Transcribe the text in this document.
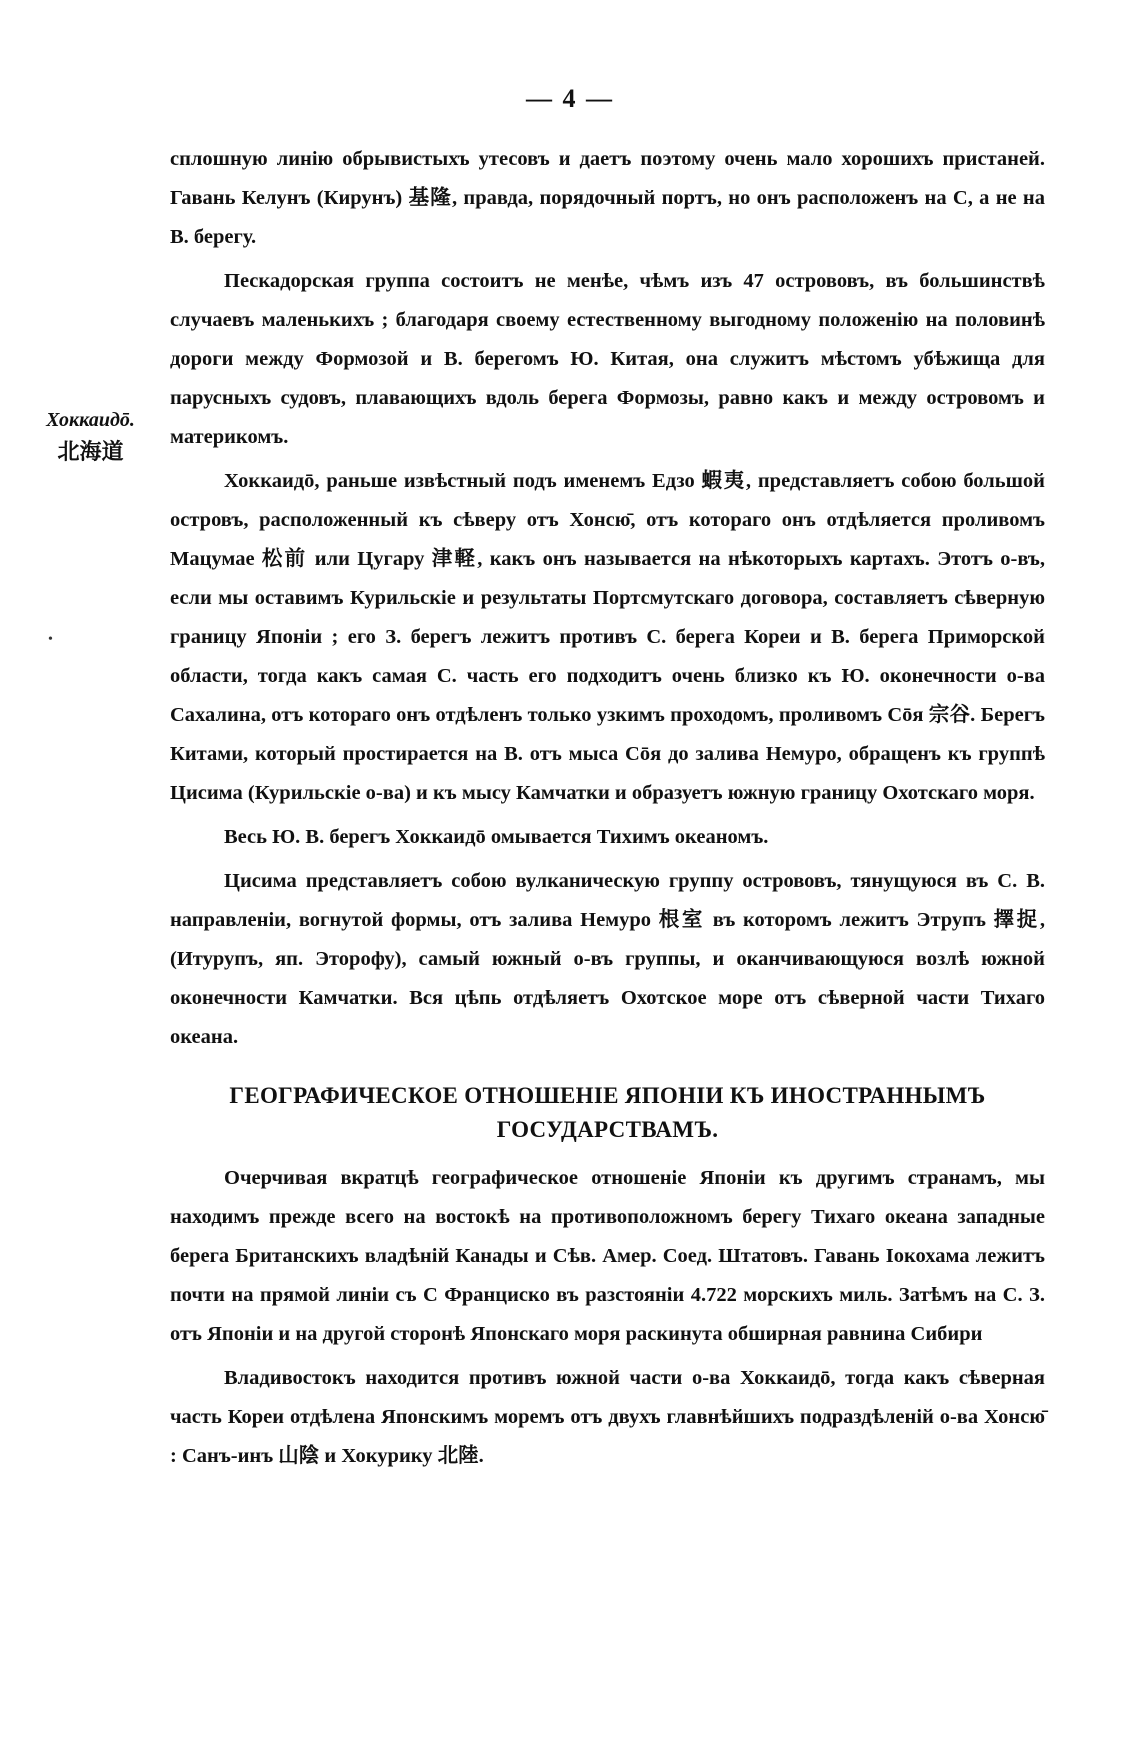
— 4 —
Хоккаидō.
北海道
•

сплошную линію обрывистыхъ утесовъ и даетъ поэтому очень мало хорошихъ пристаней. Гавань Келунъ (Кирунъ) 基隆, правда, порядочный портъ, но онъ расположенъ на С, а не на В. берегу.

Пескадорская группа состоитъ не менѣе, чѣмъ изъ 47 острововъ, въ большинствѣ случаевъ маленькихъ ; благодаря своему естественному выгодному положенію на половинѣ дороги между Формозой и В. берегомъ Ю. Китая, она служитъ мѣстомъ убѣжища для парусныхъ судовъ, плавающихъ вдоль берега Формозы, равно какъ и между островомъ и материкомъ.

Хоккаидō, раньше извѣстный подъ именемъ Едзо 蝦夷, представляетъ собою большой островъ, расположенный къ сѣверу отъ Хонсю̄, отъ котораго онъ отдѣляется проливомъ Мацумае 松前 или Цугару 津軽, какъ онъ называется на нѣкоторыхъ картахъ. Этотъ о-въ, если мы оставимъ Курильскіе и результаты Портсмутскаго договора, составляетъ сѣверную границу Японіи ; его З. берегъ лежитъ противъ С. берега Кореи и В. берега Приморской области, тогда какъ самая С. часть его подходитъ очень близко къ Ю. оконечности о-ва Сахалина, отъ котораго онъ отдѣленъ только узкимъ проходомъ, проливомъ Сōя 宗谷. Берегъ Китами, который простирается на В. отъ мыса Сōя до залива Немуро, обращенъ къ группѣ Цисима (Курильскіе о-ва) и къ мысу Камчатки и образуетъ южную границу Охотскаго моря.

Весь Ю. В. берегъ Хоккаидō омывается Тихимъ океаномъ.

Цисима представляетъ собою вулканическую группу острововъ, тянущуюся въ С. В. направленіи, вогнутой формы, отъ залива Немуро 根室 въ которомъ лежитъ Этрупъ 擇捉, (Итурупъ, яп. Эторофу), самый южный о-въ группы, и оканчивающуюся возлѣ южной оконечности Камчатки. Вся цѣпь отдѣляетъ Охотское море отъ сѣверной части Тихаго океана.

ГЕОГРАФИЧЕСКОЕ ОТНОШЕНІЕ ЯПОНІИ КЪ ИНОСТРАННЫМЪ
ГОСУДАРСТВАМЪ.

Очерчивая вкратцѣ географическое отношеніе Японіи къ другимъ странамъ, мы находимъ прежде всего на востокѣ на противоположномъ берегу Тихаго океана западные берега Британскихъ владѣній Канады и Сѣв. Амер. Соед. Штатовъ. Гавань Іокохама лежитъ почти на прямой линіи съ С Франциско въ разстояніи 4.722 морскихъ миль. Затѣмъ на С. З. отъ Японіи и на другой сторонѣ Японскаго моря раскинута обширная равнина Сибири

Владивостокъ находится противъ южной части о-ва Хоккаидō, тогда какъ сѣверная часть Кореи отдѣлена Японскимъ моремъ отъ двухъ главнѣйшихъ подраздѣленій о-ва Хонсю̄ : Санъ-инъ 山陰 и Хокурику 北陸.
